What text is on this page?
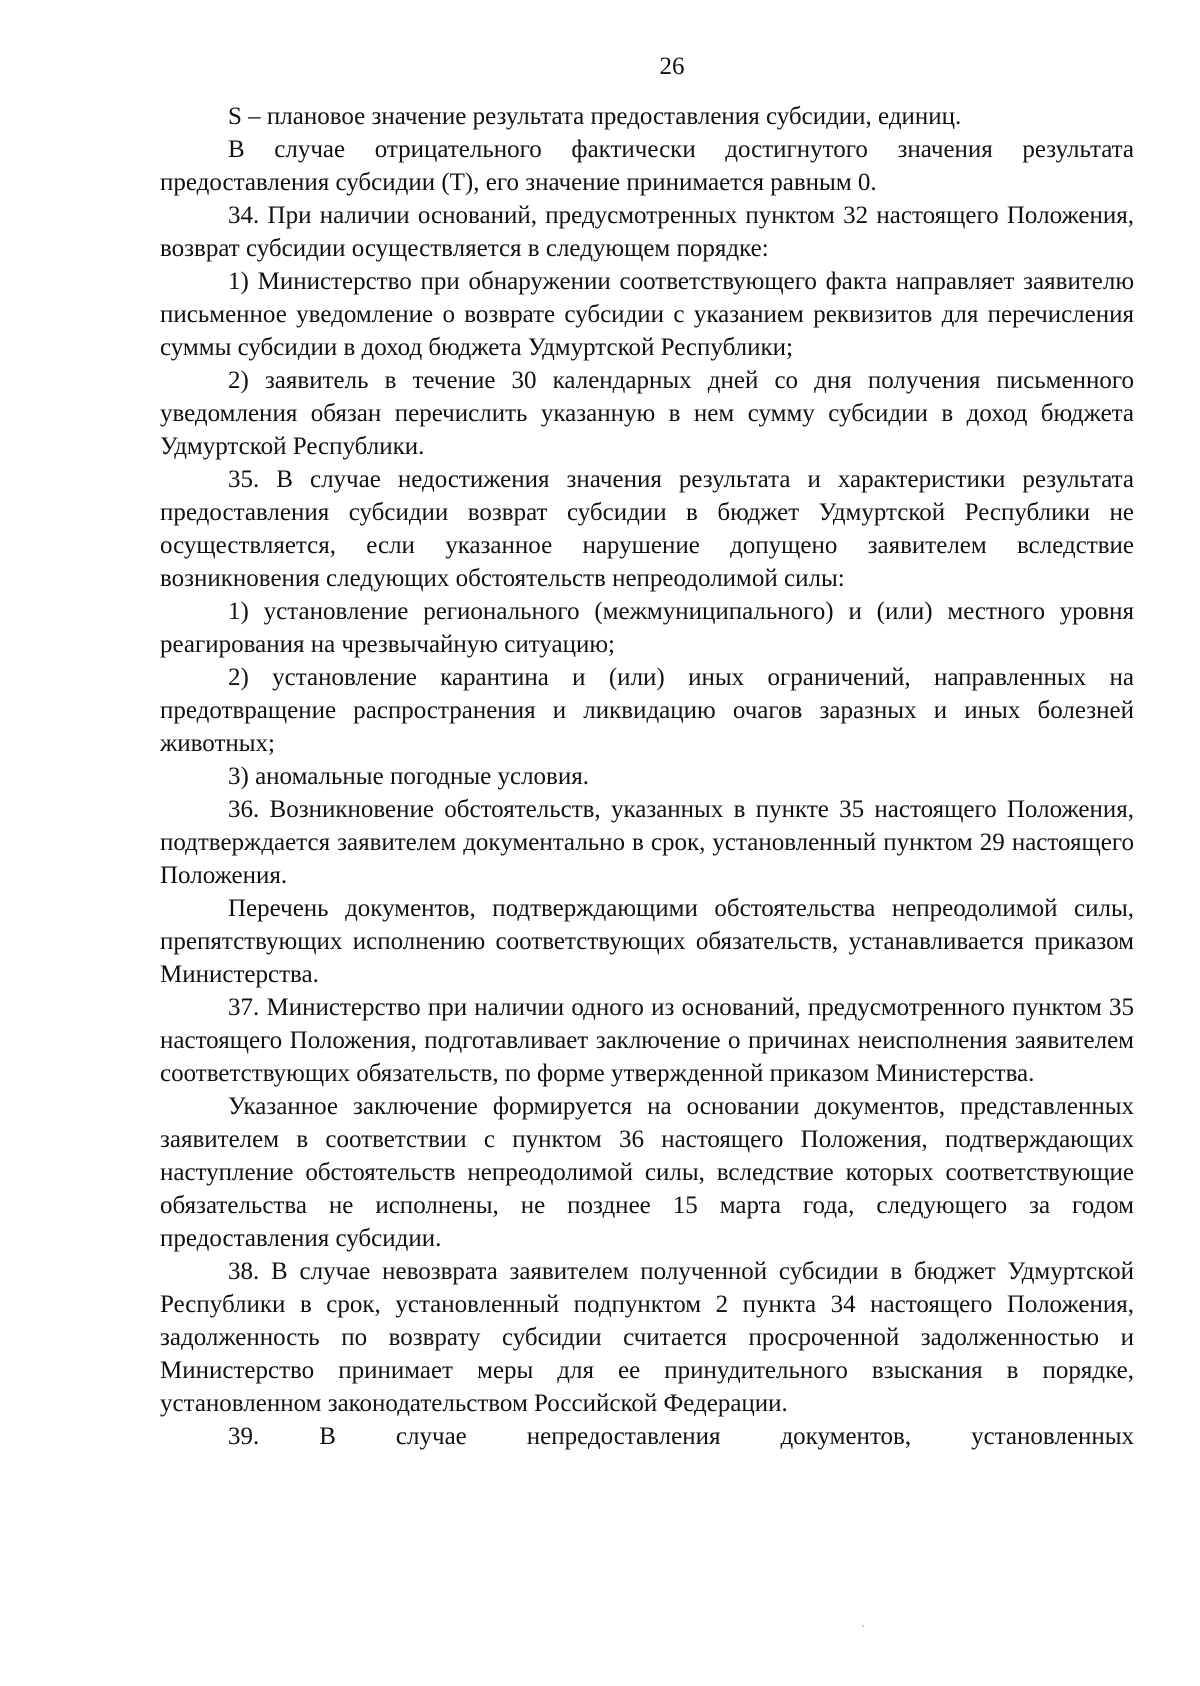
26

S – плановое значение результата предоставления субсидии, единиц.

В случае отрицательного фактически достигнутого значения результата предоставления субсидии (Т), его значение принимается равным 0.

34. При наличии оснований, предусмотренных пунктом 32 настоящего Положения, возврат субсидии осуществляется в следующем порядке:

1) Министерство при обнаружении соответствующего факта направляет заявителю письменное уведомление о возврате субсидии с указанием реквизитов для перечисления суммы субсидии в доход бюджета Удмуртской Республики;

2) заявитель в течение 30 календарных дней со дня получения письменного уведомления обязан перечислить указанную в нем сумму субсидии в доход бюджета Удмуртской Республики.

35. В случае недостижения значения результата и характеристики результата предоставления субсидии возврат субсидии в бюджет Удмуртской Республики не осуществляется, если указанное нарушение допущено заявителем вследствие возникновения следующих обстоятельств непреодолимой силы:

1) установление регионального (межмуниципального) и (или) местного уровня реагирования на чрезвычайную ситуацию;

2) установление карантина и (или) иных ограничений, направленных на предотвращение распространения и ликвидацию очагов заразных и иных болезней животных;

3) аномальные погодные условия.

36. Возникновение обстоятельств, указанных в пункте 35 настоящего Положения, подтверждается заявителем документально в срок, установленный пунктом 29 настоящего Положения.

Перечень документов, подтверждающими обстоятельства непреодолимой силы, препятствующих исполнению соответствующих обязательств, устанавливается приказом Министерства.

37. Министерство при наличии одного из оснований, предусмотренного пунктом 35 настоящего Положения, подготавливает заключение о причинах неисполнения заявителем соответствующих обязательств, по форме утвержденной приказом Министерства.

Указанное заключение формируется на основании документов, представленных заявителем в соответствии с пунктом 36 настоящего Положения, подтверждающих наступление обстоятельств непреодолимой силы, вследствие которых соответствующие обязательства не исполнены, не позднее 15 марта года, следующего за годом предоставления субсидии.

38. В случае невозврата заявителем полученной субсидии в бюджет Удмуртской Республики в срок, установленный подпунктом 2 пункта 34 настоящего Положения, задолженность по возврату субсидии считается просроченной задолженностью и Министерство принимает меры для ее принудительного взыскания в порядке, установленном законодательством Российской Федерации.

39. В случае непредоставления документов, установленных
